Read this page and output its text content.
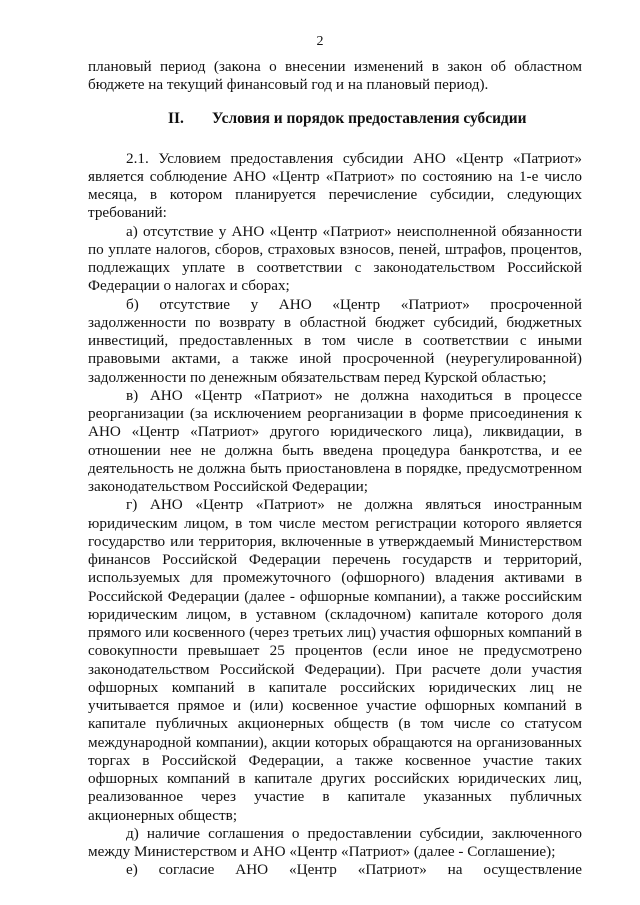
2

плановый период (закона о внесении изменений в закон об областном бюджете на текущий финансовый год и на плановый период).

II. Условия и порядок предоставления субсидии

2.1. Условием предоставления субсидии АНО «Центр «Патриот» является соблюдение АНО «Центр «Патриот» по состоянию на 1-е число месяца, в котором планируется перечисление субсидии, следующих требований:

а) отсутствие у АНО «Центр «Патриот» неисполненной обязанности по уплате налогов, сборов, страховых взносов, пеней, штрафов, процентов, подлежащих уплате в соответствии с законодательством Российской Федерации о налогах и сборах;

б) отсутствие у АНО «Центр «Патриот» просроченной задолженности по возврату в областной бюджет субсидий, бюджетных инвестиций, предоставленных в том числе в соответствии с иными правовыми актами, а также иной просроченной (неурегулированной) задолженности по денежным обязательствам перед Курской областью;

в) АНО «Центр «Патриот» не должна находиться в процессе реорганизации (за исключением реорганизации в форме присоединения к АНО «Центр «Патриот» другого юридического лица), ликвидации, в отношении нее не должна быть введена процедура банкротства, и ее деятельность не должна быть приостановлена в порядке, предусмотренном законодательством Российской Федерации;

г) АНО «Центр «Патриот» не должна являться иностранным юридическим лицом, в том числе местом регистрации которого является государство или территория, включенные в утверждаемый Министерством финансов Российской Федерации перечень государств и территорий, используемых для промежуточного (офшорного) владения активами в Российской Федерации (далее - офшорные компании), а также российским юридическим лицом, в уставном (складочном) капитале которого доля прямого или косвенного (через третьих лиц) участия офшорных компаний в совокупности превышает 25 процентов (если иное не предусмотрено законодательством Российской Федерации). При расчете доли участия офшорных компаний в капитале российских юридических лиц не учитывается прямое и (или) косвенное участие офшорных компаний в капитале публичных акционерных обществ (в том числе со статусом международной компании), акции которых обращаются на организованных торгах в Российской Федерации, а также косвенное участие таких офшорных компаний в капитале других российских юридических лиц, реализованное через участие в капитале указанных публичных акционерных обществ;

д) наличие соглашения о предоставлении субсидии, заключенного между Министерством и АНО «Центр «Патриот» (далее - Соглашение);

е) согласие АНО «Центр «Патриот» на осуществление
